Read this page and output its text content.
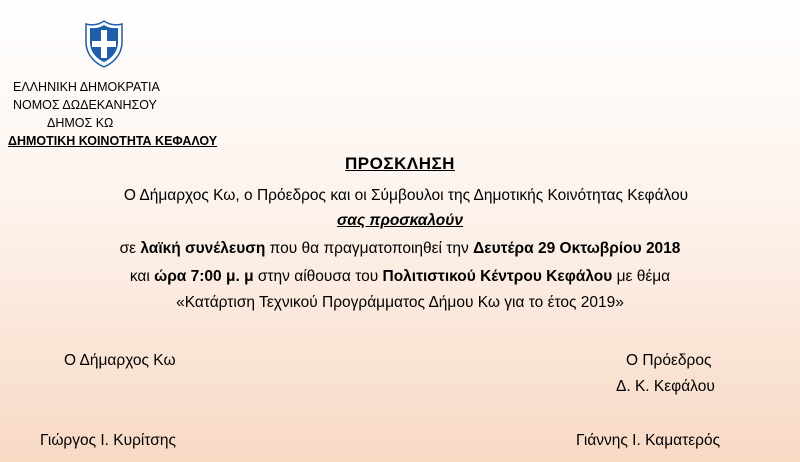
ΕΛΛΗΝΙΚΗ ΔΗΜΟΚΡΑΤΙΑ
ΝΟΜΟΣ ΔΩΔΕΚΑΝΗΣΟΥ
ΔΗΜΟΣ ΚΩ
ΔΗΜΟΤΙΚΗ ΚΟΙΝΟΤΗΤΑ ΚΕΦΑΛΟΥ
ΠΡΟΣΚΛΗΣΗ
Ο Δήμαρχος Κω, ο Πρόεδρος και οι Σύμβουλοι της Δημοτικής Κοινότητας Κεφάλου
σας προσκαλούν
σε λαϊκή συνέλευση που θα πραγματοποιηθεί την Δευτέρα 29 Οκτωβρίου 2018
και ώρα 7:00 μ. μ στην αίθουσα του Πολιτιστικού Κέντρου Κεφάλου με θέμα
«Κατάρτιση Τεχνικού Προγράμματος Δήμου Κω για το έτος 2019»
Ο Δήμαρχος Κω
Γιώργος Ι. Κυρίτσης
Ο Πρόεδρος
Δ. Κ. Κεφάλου
Γιάννης Ι. Καματερός
